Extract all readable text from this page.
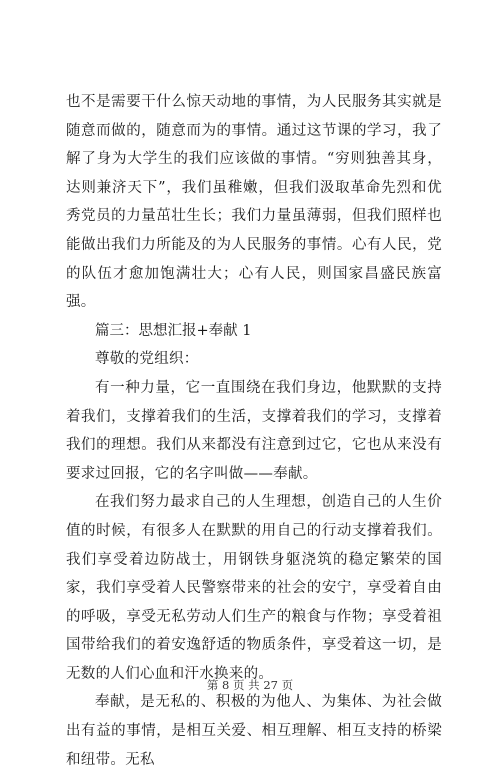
也不是需要干什么惊天动地的事情，为人民服务其实就是随意而做的，随意而为的事情。通过这节课的学习，我了解了身为大学生的我们应该做的事情。“穷则独善其身，达则兼济天下”，我们虽稚嫩，但我们汲取革命先烈和优秀党员的力量茁壮生长；我们力量虽薄弱，但我们照样也能做出我们力所能及的为人民服务的事情。心有人民，党的队伍才愈加饱满壮大；心有人民，则国家昌盛民族富强。

篇三：思想汇报+奉献 1

尊敬的党组织：

有一种力量，它一直围绕在我们身边，他默默的支持着我们，支撑着我们的生活，支撑着我们的学习，支撑着我们的理想。我们从来都没有注意到过它，它也从来没有要求过回报，它的名字叫做——奉献。

在我们努力最求自己的人生理想，创造自己的人生价值的时候，有很多人在默默的用自己的行动支撑着我们。我们享受着边防战士，用钢铁身躯浇筑的稳定繁荣的国家，我们享受着人民警察带来的社会的安宁，享受着自由的呼吸，享受无私劳动人们生产的粮食与作物；享受着祖国带给我们的着安逸舒适的物质条件，享受着这一切，是无数的人们心血和汗水换来的。

奉献，是无私的、积极的为他人、为集体、为社会做出有益的事情，是相互关爱、相互理解、相互支持的桥梁和纽带。无私

第 8 页 共 27 页
